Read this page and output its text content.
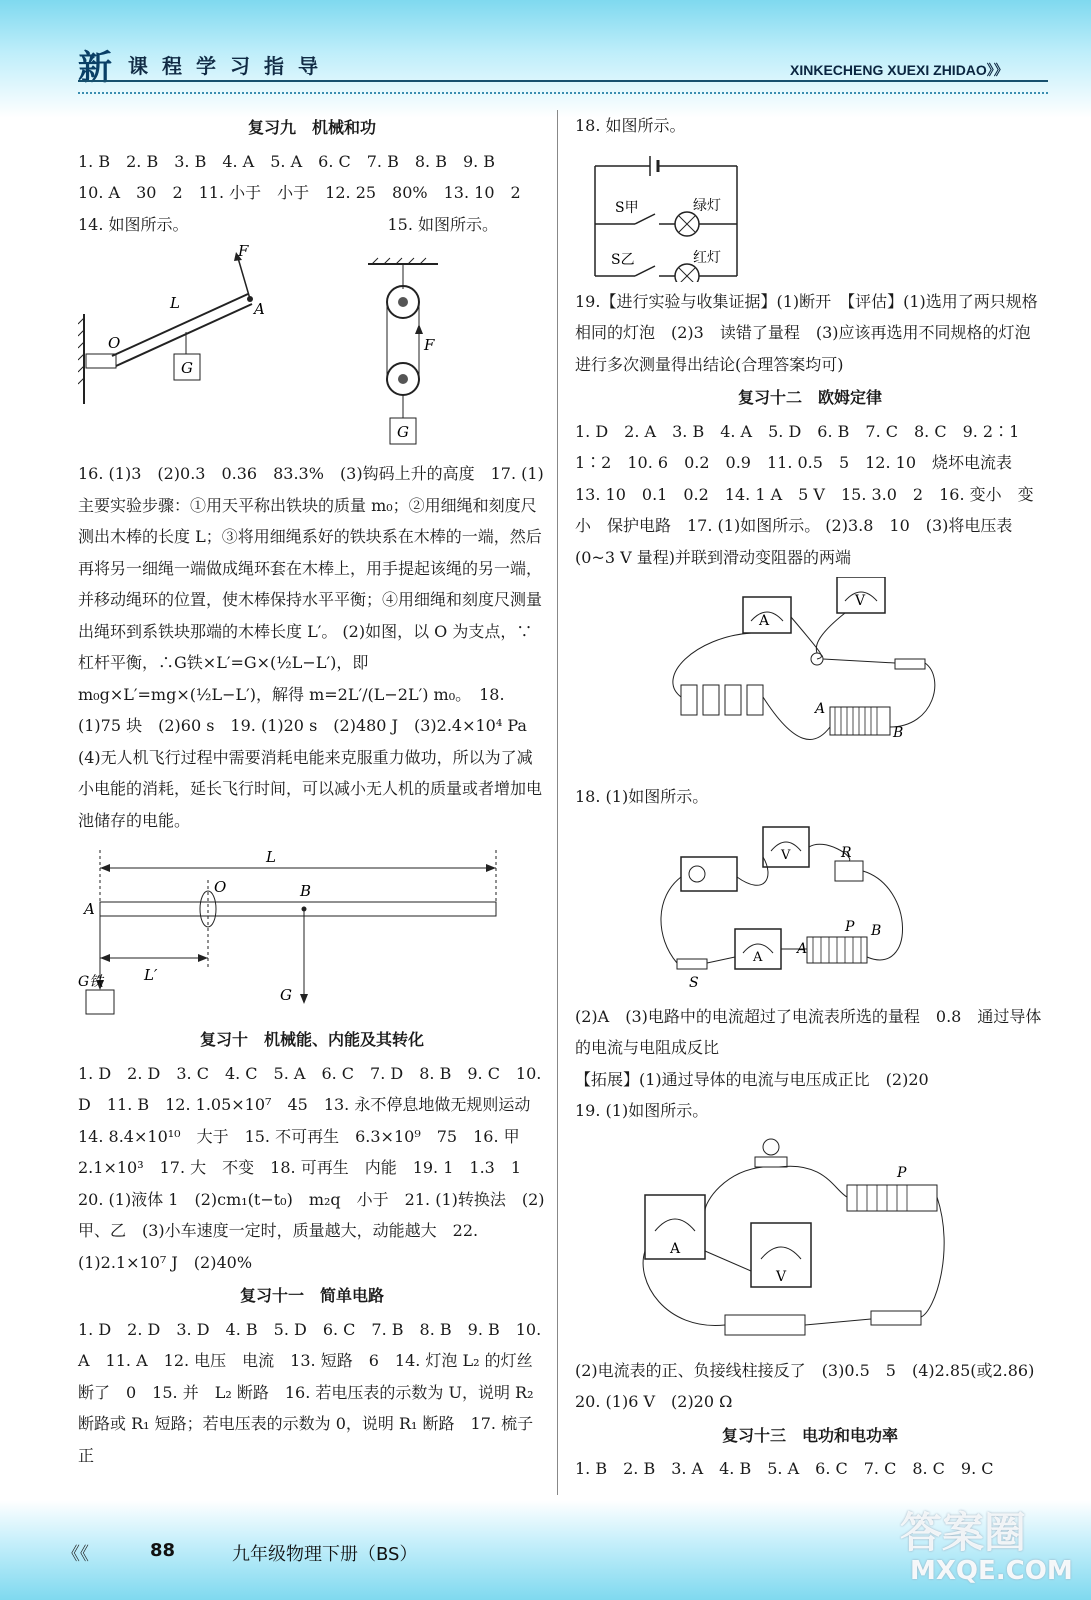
新 课程学习指导	XINKECHENG XUEXI ZHIDAO》》
复习九　机械和功

1. B　2. B　3. B　4. A　5. A　6. C　7. B　8. B　9. B

10. A　30　2　11. 小于　小于　12. 25　80%　13. 10　2

14. 如图所示。	15. 如图所示。
F
L	A
O
G
F
G

16. (1)3　(2)0.3　0.36　83.3%　(3)钩码上升的高度　17. (1)主要实验步骤：①用天平称出铁块的质量 m₀；②用细绳和刻度尺测出木棒的长度 L；③将用细绳系好的铁块系在木棒的一端，然后再将另一细绳一端做成绳环套在木棒上，用手提起该绳的另一端，并移动绳环的位置，使木棒保持水平平衡；④用细绳和刻度尺测量出绳环到系铁块那端的木棒长度 L′。 (2)如图，以 O 为支点，∵杠杆平衡，∴G铁×L′=G×(½L−L′)，即 m₀g×L′=mg×(½L−L′)，解得 m=2L′/(L−2L′) m₀。　18. (1)75 块　(2)60 s　19. (1)20 s　(2)480 J　(3)2.4×10⁴ Pa　(4)无人机飞行过程中需要消耗电能来克服重力做功，所以为了减小电能的消耗，延长飞行时间，可以减小无人机的质量或者增加电池储存的电能。

L
O	B
A
L′
G
G铁
复习十　机械能、内能及其转化

1. D　2. D　3. C　4. C　5. A　6. C　7. D　8. B　9. C　10. D　11. B　12. 1.05×10⁷　45　13. 永不停息地做无规则运动　14. 8.4×10¹⁰　大于　15. 不可再生　6.3×10⁹　75　16. 甲　2.1×10³　17. 大　不变　18. 可再生　内能　19. 1　1.3　1　20. (1)液体 1　(2)cm₁(t−t₀)　m₂q　小于　21. (1)转换法　(2)甲、乙　(3)小车速度一定时，质量越大，动能越大　22. (1)2.1×10⁷ J　(2)40%

复习十一　简单电路

1. D　2. D　3. D　4. B　5. D　6. C　7. B　8. B　9. B　10. A　11. A　12. 电压　电流　13. 短路　6　14. 灯泡 L₂ 的灯丝断了　0　15. 并　L₂ 断路　16. 若电压表的示数为 U，说明 R₂ 断路或 R₁ 短路；若电压表的示数为 0，说明 R₁ 断路　17. 梳子　正

18. 如图所示。

S甲
S乙
绿灯
红灯

19.【进行实验与收集证据】(1)断开　【评估】(1)选用了两只规格相同的灯泡　(2)3　读错了量程　(3)应该再选用不同规格的灯泡进行多次测量得出结论(合理答案均可)

复习十二　欧姆定律

1. D　2. A　3. B　4. A　5. D　6. B　7. C　8. C　9. 2∶1　1∶2　10. 6　0.2　0.9　11. 0.5　5　12. 10　烧坏电流表　13. 10　0.1　0.2　14. 1 A　5 V　15. 3.0　2　16. 变小　变小　保护电路　17. (1)如图所示。 (2)3.8　10　(3)将电压表(0~3 V 量程)并联到滑动变阻器的两端

A
V
A
B

18. (1)如图所示。

R
V
A
P B
A
S

(2)A　(3)电路中的电流超过了电流表所选的量程　0.8　通过导体的电流与电阻成反比

【拓展】(1)通过导体的电流与电压成正比　(2)20

19. (1)如图所示。

P
A
V

(2)电流表的正、负接线柱接反了　(3)0.5　5　(4)2.85(或2.86)

20. (1)6 V　(2)20 Ω

复习十三　电功和电功率

1. B　2. B　3. A　4. B　5. A　6. C　7. C　8. C　9. C

《《	88	九年级物理下册（BS）	答案圈
MXQE.COM
